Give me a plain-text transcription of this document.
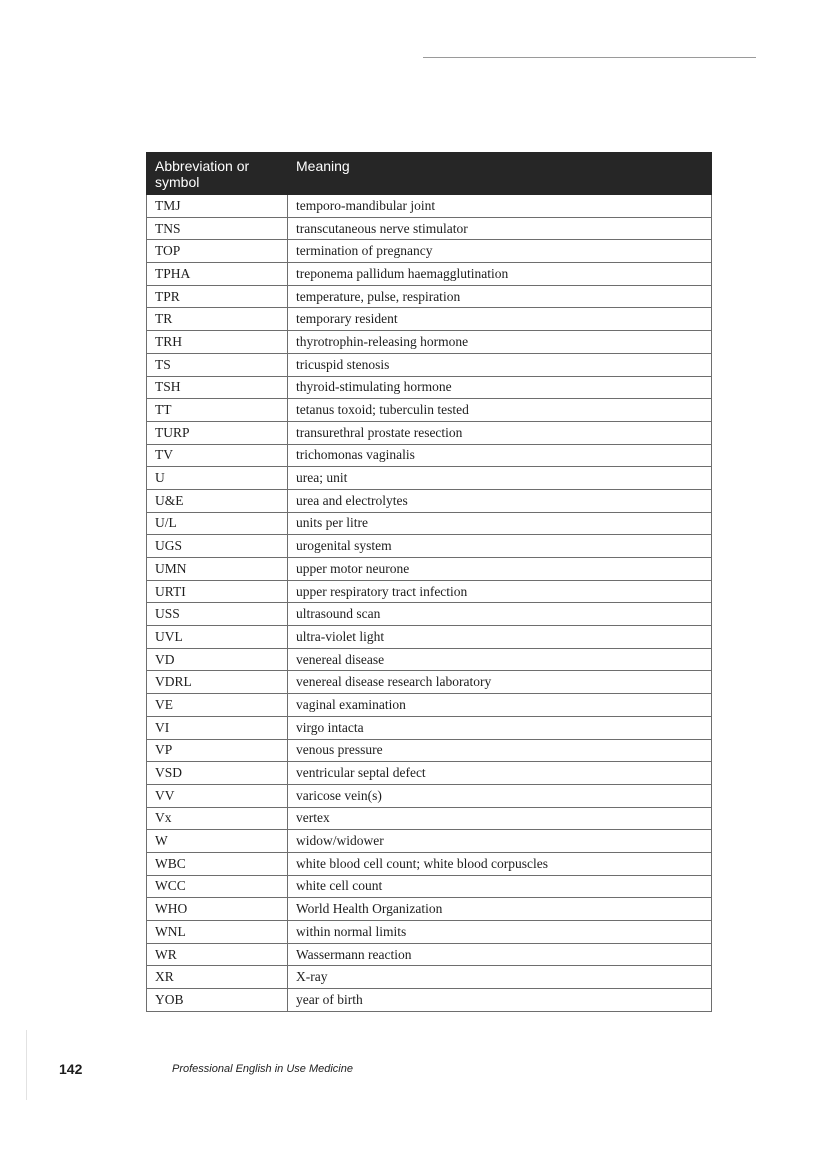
Abbreviation or symbol	Meaning
TMJ	temporo-mandibular joint
TNS	transcutaneous nerve stimulator
TOP	termination of pregnancy
TPHA	treponema pallidum haemagglutination
TPR	temperature, pulse, respiration
TR	temporary resident
TRH	thyrotrophin-releasing hormone
TS	tricuspid stenosis
TSH	thyroid-stimulating hormone
TT	tetanus toxoid; tuberculin tested
TURP	transurethral prostate resection
TV	trichomonas vaginalis
U	urea; unit
U&E	urea and electrolytes
U/L	units per litre
UGS	urogenital system
UMN	upper motor neurone
URTI	upper respiratory tract infection
USS	ultrasound scan
UVL	ultra-violet light
VD	venereal disease
VDRL	venereal disease research laboratory
VE	vaginal examination
VI	virgo intacta
VP	venous pressure
VSD	ventricular septal defect
VV	varicose vein(s)
Vx	vertex
W	widow/widower
WBC	white blood cell count; white blood corpuscles
WCC	white cell count
WHO	World Health Organization
WNL	within normal limits
WR	Wassermann reaction
XR	X-ray
YOB	year of birth
142	Professional English in Use Medicine
